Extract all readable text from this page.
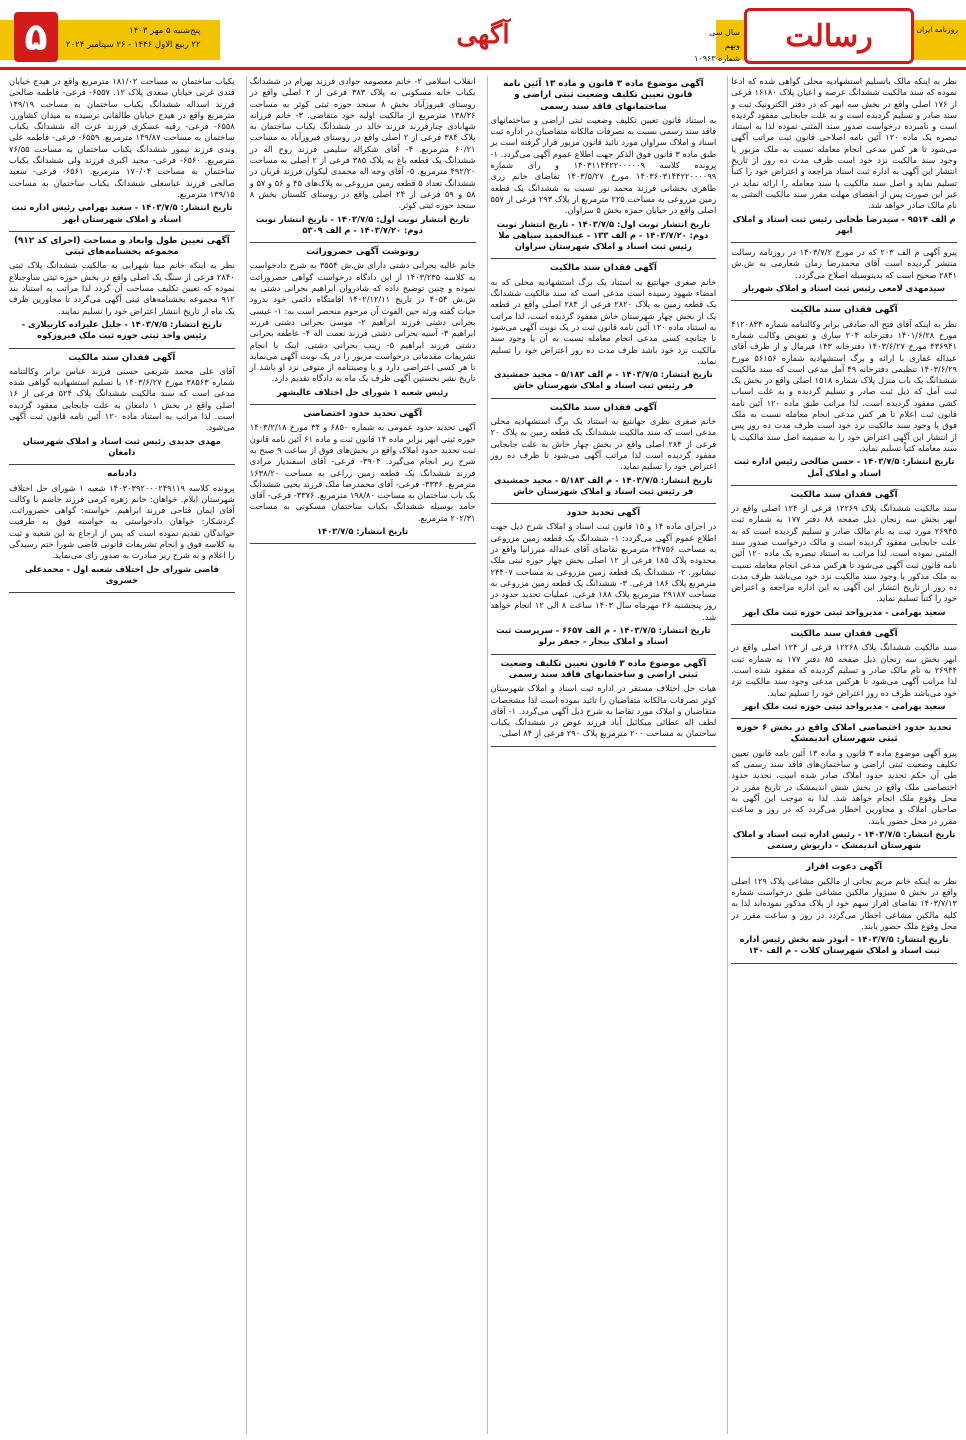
روزنامه ایران
رسالت
سال سی ونهم
شماره ۱۰۹۶۳
آگهی
۵	پنج‌شنبه ۵ مهر ۱۴۰۳
۲۲ ربیع الاول ۱۴۴۶ - ۲۶ سپتامبر ۲۰۲۴

نظر به اینکه مالک باتسلیم استشهادیه محلی گواهی شده که ادعا نموده که سند مالکیت ششدانگ عرصه و اعیان پلاک ۱۶۱۸۰ فرعی از ۱۷۶ اصلی واقع در بخش سه ابهر که در دفتر الکترونیک ثبت و سند صادر و تسلیم گردیده است و به علت جابجایی مفقود گردیده است و نامبرده درخواست صدور سند المثنی نموده لذا به استناد تبصره یک ماده ۱۲۰ آئین نامه اصلاحی قانون ثبت مراتب آگهی می‌شود تا هر کس مدعی انجام معامله نسبت به ملک مزبور یا وجود سند مالکیت نزد خود است ظرف مدت ده روز از تاریخ انتشار این آگهی به اداره ثبت اسناد مراجعه و اعتراض خود را کتباً تسلیم نماید و اصل سند مالکیت یا سند معامله را ارائه نماید در غیر این صورت پس از انقضای مهلت مقرر سند مالکیت المثنی به نام مالک صادر خواهد شد.

م الف ۹۵۱۴ - سیدرضا طحانی رئیس ثبت اسناد و املاک ابهر

پیرو آگهی م الف ۲۰۳ که در مورخ ۱۴۰۳/۷/۲ در روزنامه رسالت منتشر گردیده است آقای محمدرضا زمان شعارمی به ش.ش ۲۸۴۱ صحیح است که بدینوسیله اصلاح می‌گردد.

سیدمهدی لامعی رئیس ثبت اسناد و املاک شهریار
آگهی فقدان سند مالکیت

نظر به اینکه آقای فتح اله صادقی برابر وکالتنامه شماره ۴۱۲۰۸۳۴ مورخ ۱۴۰۱/۶/۲۸ دفترخانه ۲۰۴ ساری و تفویض وکالت شماره ۴۳۶۹۴۱ مورخ ۱۴۰۳/۶/۲۷ دفترخانه ۱۴۳ فیرمال و از طرف آقای عبداله غفاری با ارائه و برگ استشهادیه شماره ۵۶۱۵۶ مورخ ۱۴۰۳/۶/۲۹ تنظیمی دفترخانه ۴۹ آمل مدعی است که سند مالکیت ششدانگ یک باب منزل پلاک شماره ۱۵۱۸ اصلی واقع در بخش یک ثبت آمل که ذیل ثبت صادر و تسلیم گردیده و به علت اسباب کشی مفقود گردیده است، لذا مراتب طبق ماده ۱۲۰ آئین نامه قانون ثبت اعلام تا هر کس مدعی انجام معامله نسبت به ملک فوق یا وجود سند مالکیت نزد خود است ظرف مدت ده روز پس از انتشار این آگهی اعتراض خود را به ضمیمه اصل سند مالکیت یا سند معامله کتباً تسلیم نماید.

تاریخ انتشار: ۱۴۰۳/۷/۵ - حسن صالحی رئیس اداره ثبت اسناد و املاک آمل
آگهی فقدان سند مالکیت

سند مالکیت ششدانگ پلاک ۱۲۲۶۹ فرعی از ۱۲۴ اصلی واقع در ابهر بخش سه زنجان ذیل صفحه ۸۸ دفتر ۱۷۷ به شماره ثبت ۲۶۹۴۵ مورد ثبت به نام مالک صادر و تسلیم گردیده است که به علت جابجایی مفقود گردیده است و مالک درخواست صدور سند المثنی نموده است. لذا مراتب به استناد تبصره یک ماده ۱۲۰ آئین نامه قانون ثبت آگهی می‌شود تا هرکس مدعی انجام معامله نسبت به ملک مذکور یا وجود سند مالکیت نزد خود می‌باشد ظرف مدت ده روز از تاریخ انتشار این آگهی به این اداره مراجعه و اعتراض خود را کتباً تسلیم نماید.

سعید بهرامی - مدیرواحد ثبتی حوزه ثبت ملک ابهر
آگهی فقدان سند مالکیت

سند مالکیت ششدانگ پلاک ۱۲۲۶۸ فرعی از ۱۲۴ اصلی واقع در ابهر بخش سه زنجان ذیل صفحه ۸۵ دفتر ۱۷۷ به شماره ثبت ۲۶۹۴۴ به نام مالک صادر و تسلیم گردیده که مفقود شده است. لذا مراتب آگهی می‌شود تا هرکس مدعی وجود سند مالکیت نزد خود می‌باشد ظرف ده روز اعتراض خود را تسلیم نماید.

سعید بهرامی - مدیرواحد ثبتی حوزه ثبت ملک ابهر
تحدید حدود اختصاصی املاک واقع در بخش ۶ حوزه ثبتی شهرستان اندیمشک

پیرو آگهی موضوع ماده ۳ قانون و ماده ۱۳ آئین نامه قانون تعیین تکلیف وضعیت ثبتی اراضی و ساختمان‌های فاقد سند رسمی که طی آن حکم تحدید حدود املاک صادر شده است، تحدید حدود اختصاصی ملک واقع در بخش شش اندیمشک در تاریخ مقرر در محل وقوع ملک انجام خواهد شد. لذا به موجب این آگهی به صاحبان املاک و مجاورین اخطار می‌گردد که در روز و ساعت مقرر در محل حضور یابند.

تاریخ انتشار: ۱۴۰۳/۷/۵ - رئیس اداره ثبت اسناد و املاک شهرستان اندیمشک - داریوش رستمی
آگهی دعوت افراز

نظر به اینکه خانم مریم نجاتی از مالکین مشاعی پلاک ۱۲۹ اصلی واقع در بخش ۵ سبزوار مالکین مشاعی طبق درخواست شماره ۱۴۰۳/۷/۱۳ تقاضای افراز سهم خود از پلاک مذکور نموده‌اند لذا به کلیه مالکین مشاعی اخطار می‌گردد در روز و ساعت مقرر در محل وقوع ملک حضور یابند.

تاریخ انتشار: ۱۴۰۳/۷/۵ - ابوذر شه بخش رئیس اداره ثبت اسناد و املاک شهرستان کلات - م الف ۱۴۰
آگهی موضوع ماده ۳ قانون و ماده ۱۳ آئین نامه قانون تعیین تکلیف وضعیت ثبتی اراضی و ساختمانهای فاقد سند رسمی

به استناد قانون تعیین تکلیف وضعیت ثبتی اراضی و ساختمانهای فاقد سند رسمی نسبت به تصرفات مالکانه متقاضیان در اداره ثبت اسناد و املاک سراوان مورد تائید قانون مزبور قرار گرفته است بر طبق ماده ۳ قانون فوق الذکر جهت اطلاع عموم آگهی می‌گردد. ۱- پرونده کلاسه ۱۴۰۳۱۱۴۴۲۲۰۰۰۰۰۹ و رای شماره ۱۴۰۳۶۰۳۱۴۴۲۲۰۰۰۰۹۹ مورخ ۱۴۰۳/۵/۲۷ تقاضای خانم زری طاهری بخشانی فرزند محمد نور نسبت به ششدانگ یک قطعه زمین مزروعی به مساحت ۲۲۵ مترمربع از پلاک ۲۹۳ فرعی از ۵۵۷ اصلی واقع در خیابان حمزه بخش ۵ سراوان.

تاریخ انتشار نوبت اول: ۱۴۰۳/۷/۵ - تاریخ انتشار نوبت دوم: ۱۴۰۳/۷/۲۰ - م الف ۱۳۳ - عبدالحمید سپاهی ملا رئیس ثبت اسناد و املاک شهرستان سراوان
آگهی فقدان سند مالکیت

خانم صغری جهانتیغ به استناد یک برگ استشهادیه محلی که به امضاء شهود رسیده است مدعی است که سند مالکیت ششدانگ یک قطعه زمین به پلاک ۲۸۲۰ فرعی از ۲۸۴ اصلی واقع در قطعه یک از بخش چهار شهرستان خاش مفقود گردیده است، لذا مراتب به استناد ماده ۱۲۰ آئین نامه قانون ثبت در یک نوبت آگهی می‌شود تا چنانچه کسی مدعی انجام معامله نسبت به آن یا وجود سند مالکیت نزد خود باشد ظرف مدت ده روز اعتراض خود را تسلیم نماید.

تاریخ انتشار: ۱۴۰۳/۷/۵ - م الف ۵/۱۸۳ - مجید جمشیدی فر رئیس ثبت اسناد و املاک شهرستان خاش
آگهی فقدان سند مالکیت

خانم صغری نظری جهانتیغ به استناد یک برگ استشهادیه محلی مدعی است که سند مالکیت ششدانگ یک قطعه زمین به پلاک ۲۰ فرعی از ۲۸۴ اصلی واقع در بخش چهار خاش به علت جابجایی مفقود گردیده است لذا مراتب آگهی می‌شود تا ظرف ده روز اعتراض خود را تسلیم نماید.

تاریخ انتشار: ۱۴۰۳/۷/۵ - م الف ۵/۱۸۳ - مجید جمشیدی فر رئیس ثبت اسناد و املاک شهرستان خاش
آگهی تحدید حدود

در اجرای ماده ۱۴ و ۱۵ قانون ثبت اسناد و املاک شرح ذیل جهت اطلاع عموم آگهی می‌گردد: ۱- ششدانگ یک قطعه زمین مزروعی به مساحت ۲۴۷۵۶ مترمربع تقاضای آقای عبداله میرزانیا واقع در محدوده پلاک ۱۸۵ فرعی از ۱۲ اصلی بخش چهار حوزه ثبتی ملک نیشابور. ۲- ششدانگ یک قطعه زمین مزروعی به مساحت ۲۴۴۰۷ مترمربع پلاک ۱۸۶ فرعی. ۳- ششدانگ یک قطعه زمین مزروعی به مساحت ۲۹۱۸۷ مترمربع پلاک ۱۸۸ فرعی. عملیات تحدید حدود در روز پنجشنبه ۲۶ مهرماه سال ۱۴۰۳ ساعت ۸ الی ۱۲ انجام خواهد شد.

تاریخ انتشار: ۱۴۰۳/۷/۵ - م الف ۶۶۵۷ - سرپرست ثبت اسناد و املاک بیجار - جعفر برلو
آگهی موضوع ماده ۳ قانون تعیین تکلیف وضعیت ثبتی اراضی و ساختمانهای فاقد سند رسمی

هیات حل اختلاف مستقر در اداره ثبت اسناد و املاک شهرستان کوثر تصرفات مالکانه متقاضیان را تائید نموده است لذا مشخصات متقاضیان و املاک مورد تقاضا به شرح ذیل آگهی می‌گردد. ۱- آقای لطف اله عطائی میکائیل آباد فرزند عوض در ششدانگ یکباب ساختمان به مساحت ۲۰۰ مترمربع پلاک ۲۹۰ فرعی از ۸۴ اصلی.

انقلاب اسلامی ۲- خانم معصومه جوادی فرزند بهرام در ششدانگ یکباب خانه مسکونی به پلاک ۳۸۳ فرعی از ۲ اصلی واقع در روستای فیروزآباد بخش ۸ سنجد حوزه ثبتی کوثر به مساحت ۱۳۸/۳۶ مترمربع از مالکیت اولیه خود متقاضی. ۳- خانم فرزانه شهابادی چنارفرزند فرزند خالد در ششدانگ یکباب ساختمان به پلاک ۳۸۴ فرعی از ۲ اصلی واقع در روستای فیروزآباد به مساحت ۶۰/۲۱ مترمربع. ۴- آقای شکراله سلیمی فرزند روح اله در ششدانگ یک قطعه باغ به پلاک ۳۸۵ فرعی از ۲ اصلی به مساحت ۴۹۲/۲۰ مترمربع. ۵- آقای وجه اله محمدی لیکوان فرزند قربان در ششدانگ تعداد ۵ قطعه زمین مزروعی به پلاک‌های ۴۵ و ۵۶ و ۵۷ و ۵۸ و ۵۹ فرعی از ۲۴ اصلی واقع در روستای کلستان بخش ۸ سنجد حوزه ثبتی کوثر.

تاریخ انتشار نوبت اول: ۱۴۰۳/۷/۵ - تاریخ انتشار نوبت دوم: ۱۴۰۳/۷/۲۰ - م الف ۵۳۰۹
رونوشت آگهی حصروراثت

خانم عالیه بحرانی دشتی دارای ش.ش ۳۵۵۴ به شرح دادخواست به کلاسه ۱۴۰۳/۲۳۵ از این دادگاه درخواست گواهی حصروراثت نموده و چنین توضیح داده که شادروان ابراهیم بحرانی دشتی به ش.ش ۴۰۵۴ در تاریخ ۱۴۰۲/۱۲/۱۱ اقامتگاه دائمی خود بدرود حیات گفته ورثه حین الفوت آن مرحوم منحصر است به: ۱- عیسی بحرانی دشتی فرزند ابراهیم ۲- موسی بحرانی دشتی فرزند ابراهیم ۳- آسیه بحرانی دشتی فرزند نعمت اله ۴- عاطفه بحرانی دشتی فرزند ابراهیم ۵- زینب بحرانی دشتی. اینک با انجام تشریفات مقدماتی درخواست مزبور را در یک نوبت آگهی می‌نماید تا هر کسی اعتراضی دارد و یا وصیتنامه از متوفی نزد او باشد از تاریخ نشر نخستین آگهی ظرف یک ماه به دادگاه تقدیم دارد.

رئیس شعبه ۱ شورای حل اختلاف عالیشهر
آگهی تحدید حدود اختصاصی

آگهی تحدید حدود عمومی به شماره ۶۸۵۰ و ۳۴ مورخ ۱۴۰۳/۲/۱۸ حوزه ثبتی ابهر برابر ماده ۱۴ قانون ثبت و ماده ۶۱ آئین نامه قانون ثبت تحدید حدود املاک واقع در بخش‌های فوق از ساعت ۹ صبح به شرح زیر انجام می‌گیرد. ۳۹۰۴- فرعی- آقای اسفندیار مرادی فرزند ششدانگ یک قطعه زمین زراعی به مساحت ۱۶۳۸/۲۰ مترمربع. ۳۳۳۶- فرعی- آقای محمدرضا ملک فرزند یحیی ششدانگ یک باب ساختمان به مساحت ۱۹۸/۸۰ مترمربع. ۳۳۷۶- فرعی- آقای حامد بوسیله ششدانگ یکباب ساختمان مسکونی به مساحت ۲۰۲/۳۱ مترمربع.

تاریخ انتشار: ۱۴۰۳/۷/۵

یکباب ساختمان به مساحت ۱۸۱/۰۲ مترمربع واقع در هیدج خیابان قندی غربی خیابان سعدی پلاک ۱۲. ۶۵۵۷- فرعی- فاطمه صالحی فرزند اسداله ششدانگ یکباب ساختمان به مساحت ۱۴۹/۱۹ مترمربع واقع در هیدج خیابان طالقانی نرسیده به میدان کشاورز. ۶۵۵۸- فرعی- رقیه عسکری فرزند عزت اله ششدانگ یکباب ساختمان به مساحت ۱۴۹/۸۷ مترمربع. ۶۵۵۹- فرعی- فاطمه علی وندی فرزند تیمور ششدانگ یکباب ساختمان به مساحت ۷۶/۵۵ مترمربع. ۶۵۶۰- فرعی- مجید اکبری فرزند ولی ششدانگ یکباب ساختمان به مساحت ۱۷۰/۰۴ مترمربع. ۶۵۶۱- فرعی- سعید صالحی فرزند عباسعلی ششدانگ یکباب ساختمان به مساحت ۱۳۹/۱۵ مترمربع.

تاریخ انتشار: ۱۴۰۳/۷/۵ - سعید بهرامی رئیس اداره ثبت اسناد و املاک شهرستان ابهر
آگهی تعیین طول وابعاد و مساحت (اجرای کد ۹۱۲) مجموعه پخشنامه‌های ثبتی

نظر به اینکه خانم مینا شهرابی به مالکیت ششدانگ پلاک ثبتی ۲۸۴۰ فرعی از سنگ یک اصلی واقع در بخش حوزه ثبتی ساوجبلاغ نموده که تعیین تکلیف مساحت آن گردد لذا مراتب به استناد بند ۹۱۲ مجموعه بخشنامه‌های ثبتی آگهی می‌گردد تا مجاورین ظرف یک ماه از تاریخ انتشار اعتراض خود را تسلیم نمایند.

تاریخ انتشار: ۱۴۰۳/۷/۵ - جلیل علیزاده کاربیلاری - رئیس واحد ثبتی حوزه ثبت ملک فیروزکوه
آگهی فقدان سند مالکیت

آقای علی محمد شریفی حسنی فرزند عباس برابر وکالتنامه شماره ۳۸۵۶۳ مورخ ۱۴۰۳/۶/۲۷ با تسلیم استشهادیه گواهی شده مدعی است که سند مالکیت ششدانگ پلاک ۵۲۴ فرعی از ۱۶ اصلی واقع در بخش ۱ دامغان به علت جابجایی مفقود گردیده است. لذا مراتب به استناد ماده ۱۲۰ آئین نامه قانون ثبت آگهی می‌شود.

مهدی جدیدی رئیس ثبت اسناد و املاک شهرستان دامغان
دادنامه

پرونده کلاسه ۱۴۰۳۰۳۹۲۰۰۰۲۴۹۱۱۹ شعبه ۱ شورای حل اختلاف شهرستان ایلام. خواهان: خانم زهره کرمی فرزند جاسم با وکالت آقای ایمان فتاحی فرزند ابراهیم. خواسته: گواهی حصروراثت. گردشکار: خواهان دادخواستی به خواسته فوق به طرفیت خواندگان تقدیم نموده است که پس از ارجاع به این شعبه و ثبت به کلاسه فوق و انجام تشریفات قانونی قاضی شورا ختم رسیدگی را اعلام و به شرح زیر مبادرت به صدور رای می‌نماید.

قاضی شورای حل اختلاف شعبه اول - محمدعلی خسروی
